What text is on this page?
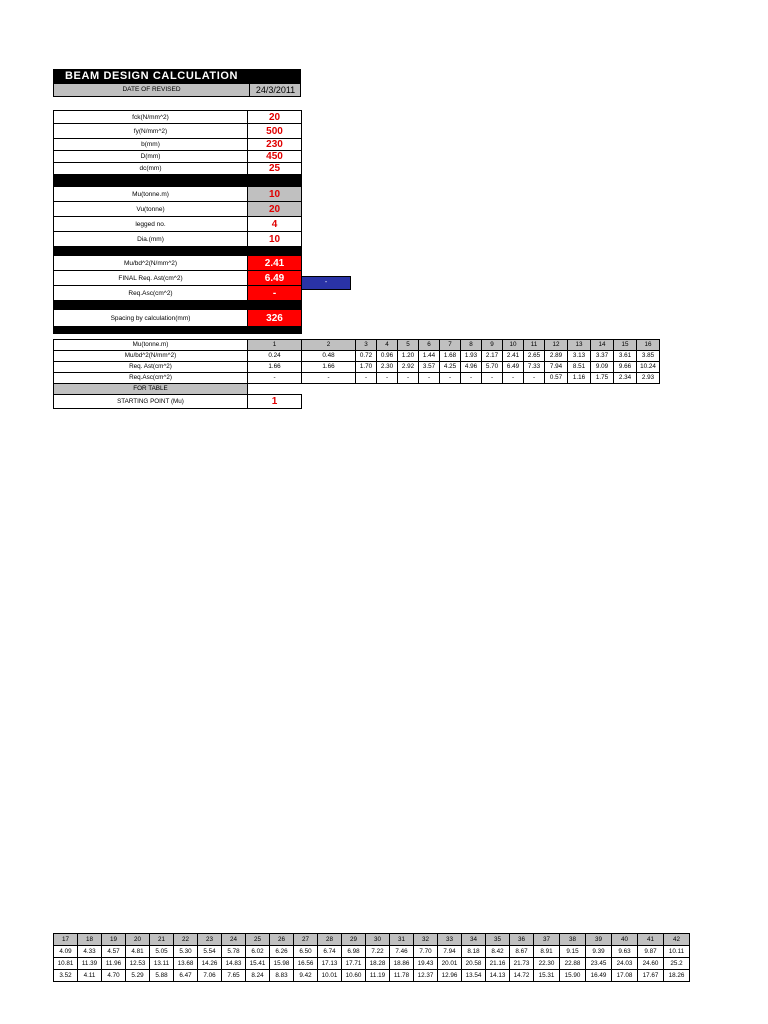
BEAM DESIGN CALCULATION
DATE OF REVISED	24/3/2011
fck(N/mm^2)	20
fy(N/mm^2)	500
b(mm)	230
D(mm)	450
dc(mm)	25

Mu(tonne.m)	10
Vu(tonne)	20
legged no.	4
Dia.(mm)	10

Mu/bd^2(N/mm^2)	2.41
FINAL Req. Ast(cm^2)	6.49
Req.Asc(cm^2)	-

Spacing by calculation(mm)	326

-
Mu(tonne.m)	1	2	3	4	5	6	7	8	9	10	11	12	13	14	15	16
Mu/bd^2(N/mm^2)	0.24	0.48	0.72	0.96	1.20	1.44	1.68	1.93	2.17	2.41	2.65	2.89	3.13	3.37	3.61	3.85
Req. Ast(cm^2)	1.66	1.66	1.70	2.30	2.92	3.57	4.25	4.96	5.70	6.49	7.33	7.94	8.51	9.09	9.66	10.24
Req.Asc(cm^2)	-	-	-	-	-	-	-	-	-	-	-	0.57	1.16	1.75	2.34	2.93
FOR TABLE																
STARTING POINT (Mu)	1															
17	18	19	20	21	22	23	24	25	26	27	28	29	30	31	32	33	34	35	36	37	38	39	40	41	42
4.09	4.33	4.57	4.81	5.05	5.30	5.54	5.78	6.02	6.26	6.50	6.74	6.98	7.22	7.46	7.70	7.94	8.18	8.42	8.67	8.91	9.15	9.39	9.63	9.87	10.11
10.81	11.39	11.96	12.53	13.11	13.68	14.26	14.83	15.41	15.98	16.56	17.13	17.71	18.28	18.86	19.43	20.01	20.58	21.16	21.73	22.30	22.88	23.45	24.03	24.60	25.2
3.52	4.11	4.70	5.29	5.88	6.47	7.06	7.65	8.24	8.83	9.42	10.01	10.60	11.19	11.78	12.37	12.96	13.54	14.13	14.72	15.31	15.90	16.49	17.08	17.67	18.26
